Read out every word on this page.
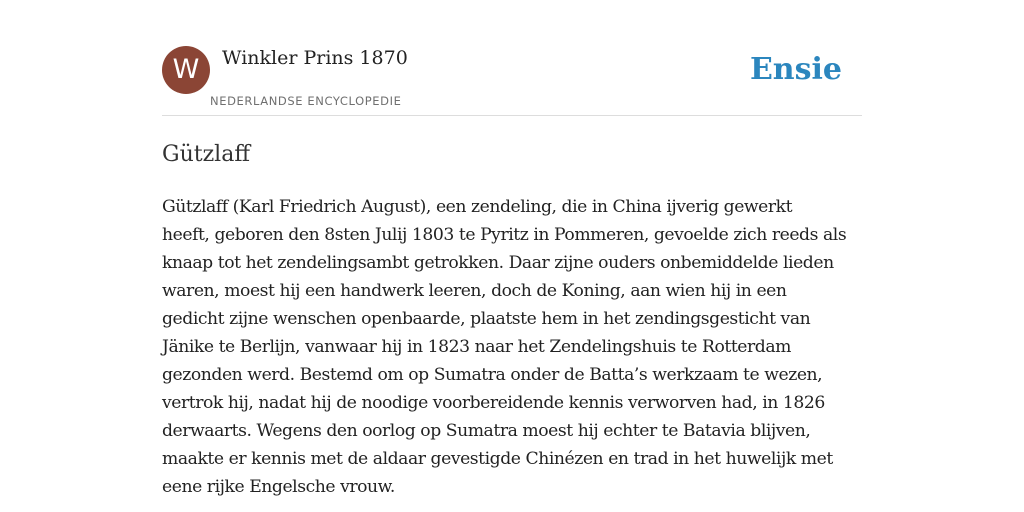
W	Winkler Prins 1870
NEDERLANDSE ENCYCLOPEDIE
Ensie
Gützlaff

Gützlaff (Karl Friedrich August), een zendeling, die in China ijverig gewerkt
heeft, geboren den 8sten Julij 1803 te Pyritz in Pommeren, gevoelde zich reeds als
knaap tot het zendelingsambt getrokken. Daar zijne ouders onbemiddelde lieden
waren, moest hij een handwerk leeren, doch de Koning, aan wien hij in een
gedicht zijne wenschen openbaarde, plaatste hem in het zendingsgesticht van
Jänike te Berlijn, vanwaar hij in 1823 naar het Zendelingshuis te Rotterdam
gezonden werd. Bestemd om op Sumatra onder de Batta’s werkzaam te wezen,
vertrok hij, nadat hij de noodige voorbereidende kennis verworven had, in 1826
derwaarts. Wegens den oorlog op Sumatra moest hij echter te Batavia blijven,
maakte er kennis met de aldaar gevestigde Chinézen en trad in het huwelijk met
eene rijke Engelsche vrouw.
